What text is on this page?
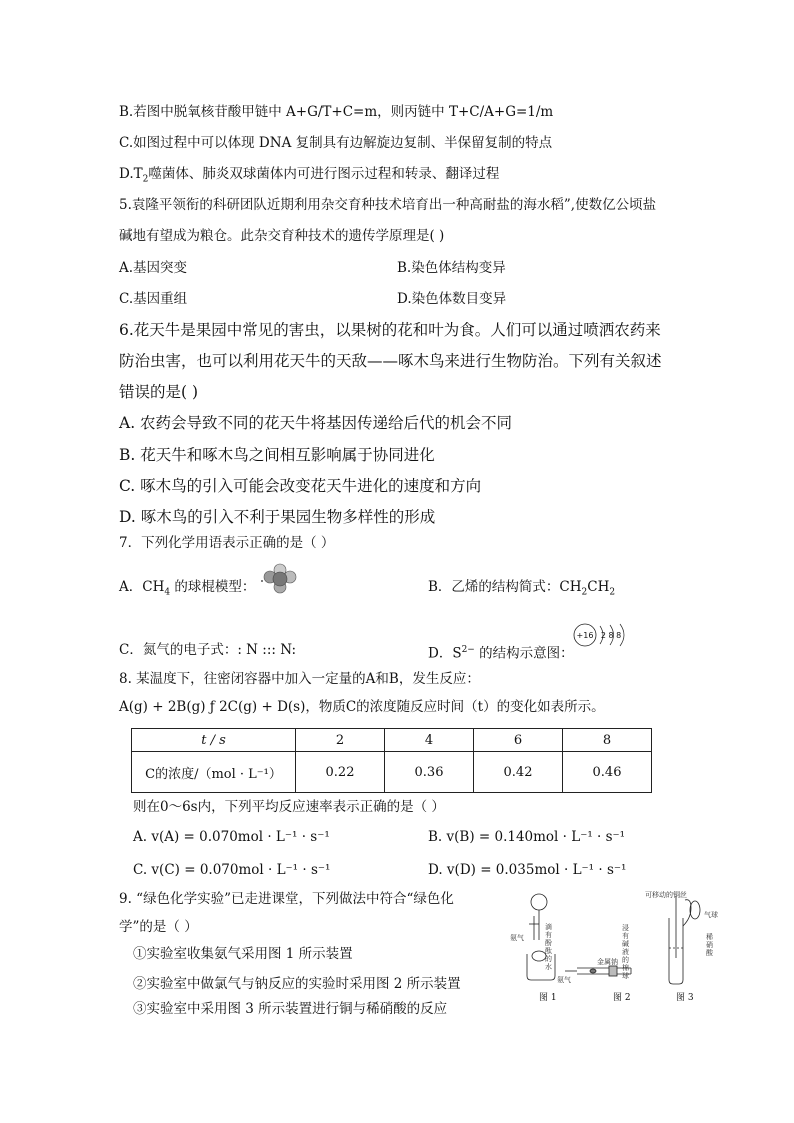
B.若图中脱氧核苷酸甲链中 A+G/T+C=m，则丙链中 T+C/A+G=1/m
C.如图过程中可以体现 DNA 复制具有边解旋边复制、半保留复制的特点
$D.T_2$噬菌体、肺炎双球菌体内可进行图示过程和转录、翻译过程
5.袁隆平领衔的科研团队近期利用杂交育种技术培育出一种高耐盐的海水稻”,使数亿公顷盐
碱地有望成为粮仓。此杂交育种技术的遗传学原理是( )
A.基因突变	B.染色体结构变异
C.基因重组	D.染色体数目变异
6.花天牛是果园中常见的害虫，以果树的花和叶为食。人们可以通过喷洒农药来
防治虫害，也可以利用花天牛的天敌——啄木鸟来进行生物防治。下列有关叙述
错误的是( )
A. 农药会导致不同的花天牛将基因传递给后代的机会不同
B. 花天牛和啄木鸟之间相互影响属于协同进化
C. 啄木鸟的引入可能会改变花天牛进化的速度和方向
D. 啄木鸟的引入不利于果园生物多样性的形成
7．下列化学用语表示正确的是（ ）
A．$CH_4$ 的球棍模型：	B．乙烯的结构简式：$CH_2CH_2$
C．氮气的电子式：: N ::: N:	D．$S^{2-}$ 的结构示意图：
+16 2 8 8
8. 某温度下，往密闭容器中加入一定量的A和B，发生反应：
A(g) + 2B(g) ƒ 2C(g) + D(s)，物质C的浓度随反应时间（t）的变化如表所示。
t / s	2	4	6	8
C的浓度/（mol · L⁻¹）	0.22	0.36	0.42	0.46
则在0～6s内，下列平均反应速率表示正确的是（ ）
A. v(A) = 0.070mol · L⁻¹ · s⁻¹	B. v(B) = 0.140mol · L⁻¹ · s⁻¹
C. v(C) = 0.070mol · L⁻¹ · s⁻¹	D. v(D) = 0.035mol · L⁻¹ · s⁻¹
9. “绿色化学实验”已走进课堂，下列做法中符合“绿色化
学”的是（ ）
①实验室收集氨气采用图 1 所示装置
②实验室中做氯气与钠反应的实验时采用图 2 所示装置
③实验室中采用图 3 所示装置进行铜与稀硝酸的反应
氨气
滴有酚酞的水
氨气
金属钠
浸有碱液的棉球
可移动的铜丝
气球
稀硝酸
图 1	图 2	图 3
